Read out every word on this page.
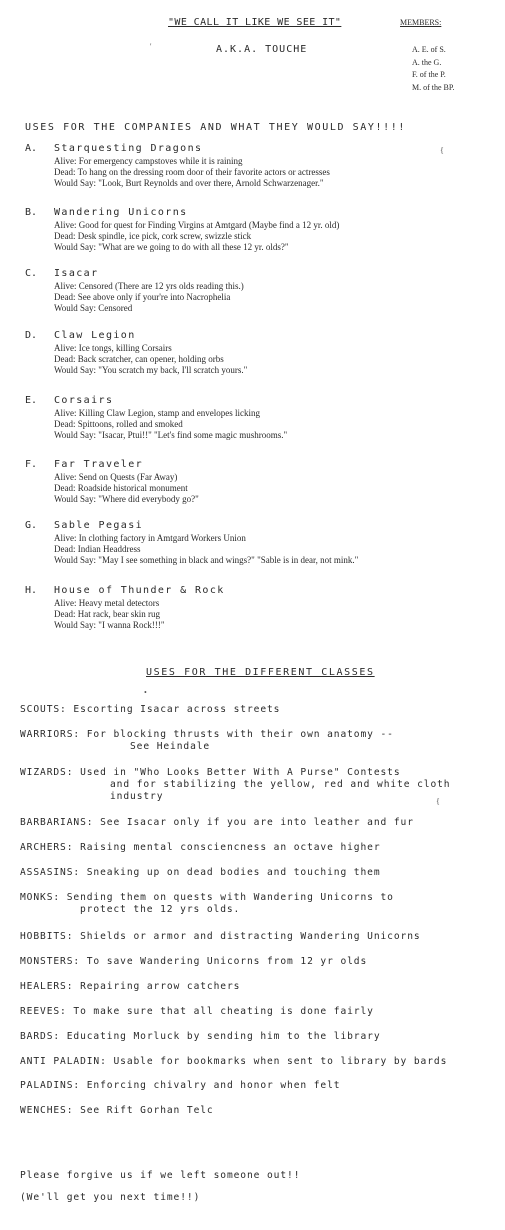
"WE CALL IT LIKE WE SEE IT"
A.K.A. TOUCHE
MEMBERS:
A. E. of S.
A. the G.
F. of the P.
M. of the BP.
USES FOR THE COMPANIES AND WHAT THEY WOULD SAY!!!!
A. Starquesting Dragons
Alive: For emergency campstoves while it is raining
Dead: To hang on the dressing room door of their favorite actors or actresses
Would Say: "Look, Burt Reynolds and over there, Arnold Schwarzenager."
B. Wandering Unicorns
Alive: Good for quest for Finding Virgins at Amtgard (Maybe find a 12 yr. old)
Dead: Desk spindle, ice pick, cork screw, swizzle stick
Would Say: "What are we going to do with all these 12 yr. olds?"
C. Isacar
Alive: Censored (There are 12 yrs olds reading this.)
Dead: See above only if your're into Nacrophelia
Would Say: Censored
D. Claw Legion
Alive: Ice tongs, killing Corsairs
Dead: Back scratcher, can opener, holding orbs
Would Say: "You scratch my back, I'll scratch yours."
E. Corsairs
Alive: Killing Claw Legion, stamp and envelopes licking
Dead: Spittoons, rolled and smoked
Would Say: "Isacar, Ptui!!" "Let's find some magic mushrooms."
F. Far Traveler
Alive: Send on Quests (Far Away)
Dead: Roadside historical monument
Would Say: "Where did everybody go?"
G. Sable Pegasi
Alive: In clothing factory in Amtgard Workers Union
Dead: Indian Headdress
Would Say: "May I see something in black and wings?" "Sable is in dear, not mink."
H. House of Thunder & Rock
Alive: Heavy metal detectors
Dead: Hat rack, bear skin rug
Would Say: "I wanna Rock!!!"
USES FOR THE DIFFERENT CLASSES
SCOUTS: Escorting Isacar across streets
WARRIORS: For blocking thrusts with their own anatomy --
See Heindale
WIZARDS: Used in "Who Looks Better With A Purse" Contests
and for stabilizing the yellow, red and white cloth
industry
BARBARIANS: See Isacar only if you are into leather and fur
ARCHERS: Raising mental consciencness an octave higher
ASSASINS: Sneaking up on dead bodies and touching them
MONKS: Sending them on quests with Wandering Unicorns to
protect the 12 yrs olds.
HOBBITS: Shields or armor and distracting Wandering Unicorns
MONSTERS: To save Wandering Unicorns from 12 yr olds
HEALERS: Repairing arrow catchers
REEVES: To make sure that all cheating is done fairly
BARDS: Educating Morluck by sending him to the library
ANTI PALADIN: Usable for bookmarks when sent to library by bards
PALADINS: Enforcing chivalry and honor when felt
WENCHES: See Rift Gorhan Telc
Please forgive us if we left someone out!!
(We'll get you next time!!)
'
{
•
{
